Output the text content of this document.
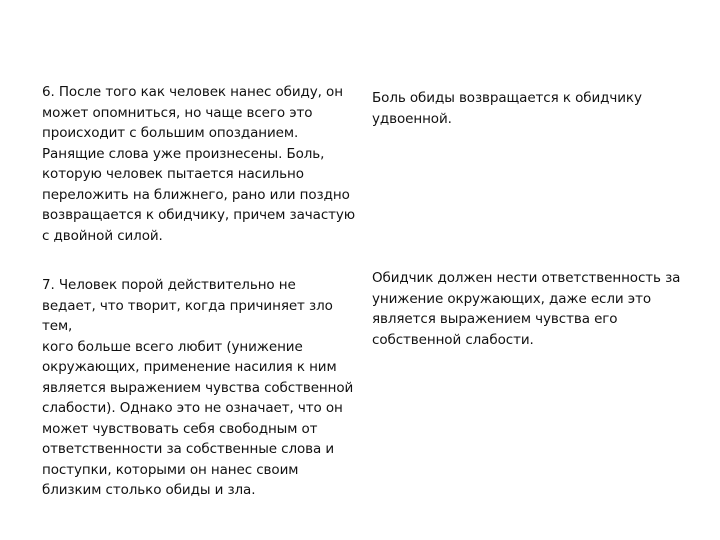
6. После того как человек нанес обиду, он
может опомниться, но чаще всего это
происходит с большим опозданием.
Ранящие слова уже произнесены. Боль,
которую человек пытается насильно
переложить на ближнего, рано или поздно
возвращается к обидчику, причем зачастую
с двойной силой.

Боль обиды возвращается к обидчику
удвоенной.

7. Человек порой действительно не
ведает, что творит, когда причиняет зло тем,
кого больше всего любит (унижение
окружающих, применение насилия к ним
является выражением чувства собственной
слабости). Однако это не означает, что он
может чувствовать себя свободным от
ответственности за собственные слова и
поступки, которыми он нанес своим
близким столько обиды и зла.

Обидчик должен нести ответственность за
унижение окружающих, даже если это
является выражением чувства его
собственной слабости.
